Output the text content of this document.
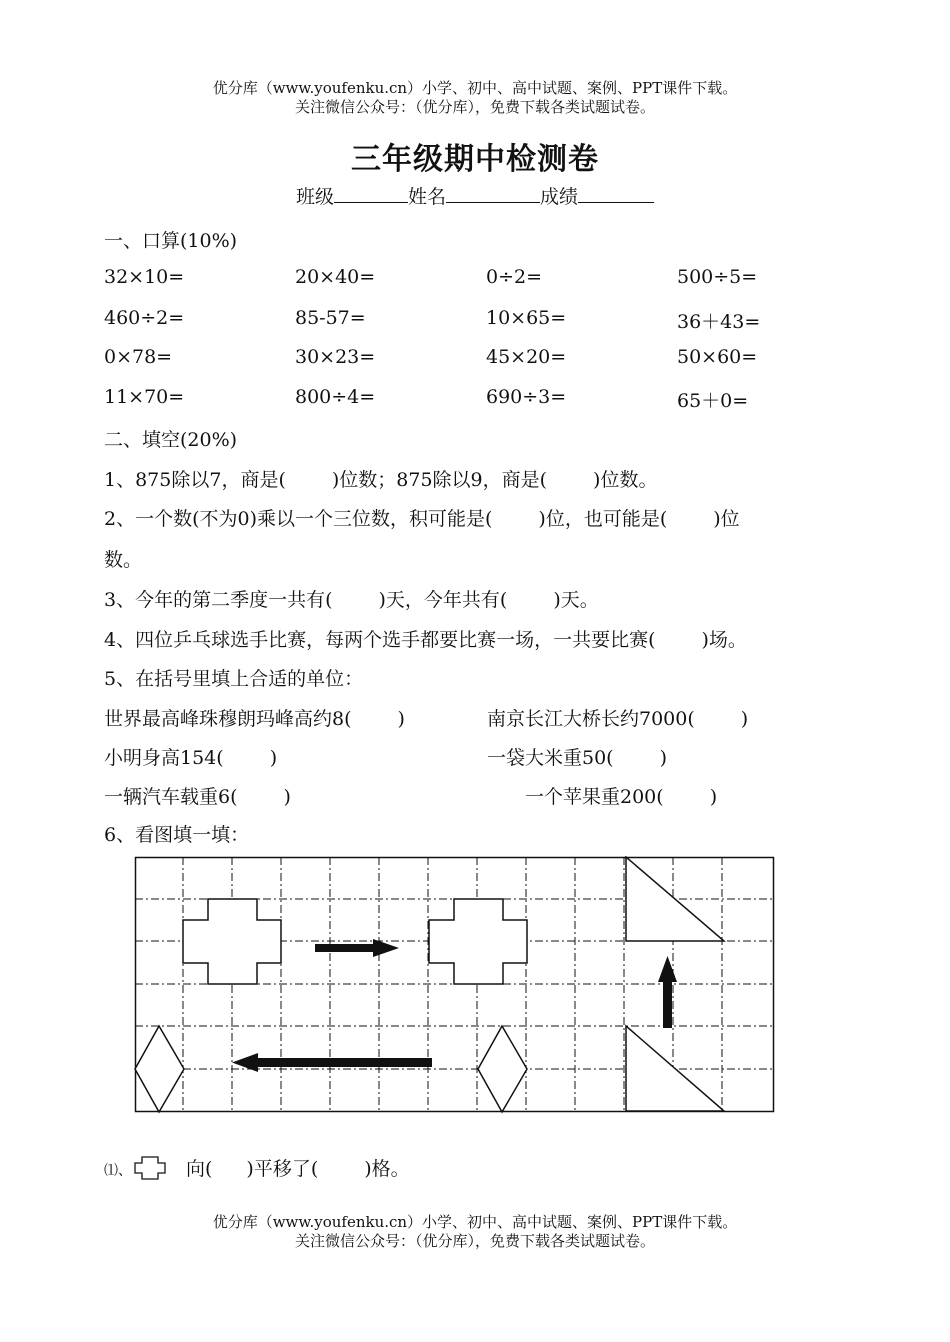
优分库（www.youfenku.cn）小学、初中、高中试题、案例、PPT课件下载。
关注微信公众号：（优分库），免费下载各类试题试卷。
三年级期中检测卷
班级	姓名	成绩
一、口算(10%)
32×10=	20×40=	0÷2=	500÷5=
460÷2=	85-57=	10×65=	36＋43=
0×78=	30×23=	45×20=	50×60=
11×70=	800÷4=	690÷3=	65＋0=
二、填空(20%)
1、875除以7，商是( )位数；875除以9，商是( )位数。
2、一个数(不为0)乘以一个三位数，积可能是( )位，也可能是( )位
数。
3、今年的第二季度一共有( )天，今年共有( )天。
4、四位乒乓球选手比赛，每两个选手都要比赛一场，一共要比赛( )场。
5、在括号里填上合适的单位：
世界最高峰珠穆朗玛峰高约8( )	南京长江大桥长约7000( )
小明身高154( )	一袋大米重50( )
一辆汽车载重6( )	一个苹果重200( )
6、看图填一填：
⑴、	向( )平移了( )格。
优分库（www.youfenku.cn）小学、初中、高中试题、案例、PPT课件下载。
关注微信公众号：（优分库），免费下载各类试题试卷。
